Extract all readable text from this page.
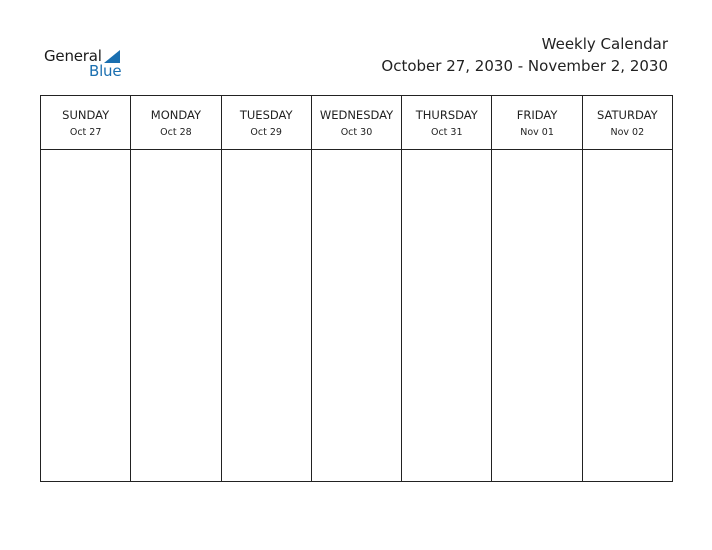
General
Blue
Weekly Calendar
October 27, 2030 - November 2, 2030
SUNDAY
Oct 27
MONDAY
Oct 28
TUESDAY
Oct 29
WEDNESDAY
Oct 30
THURSDAY
Oct 31
FRIDAY
Nov 01
SATURDAY
Nov 02
